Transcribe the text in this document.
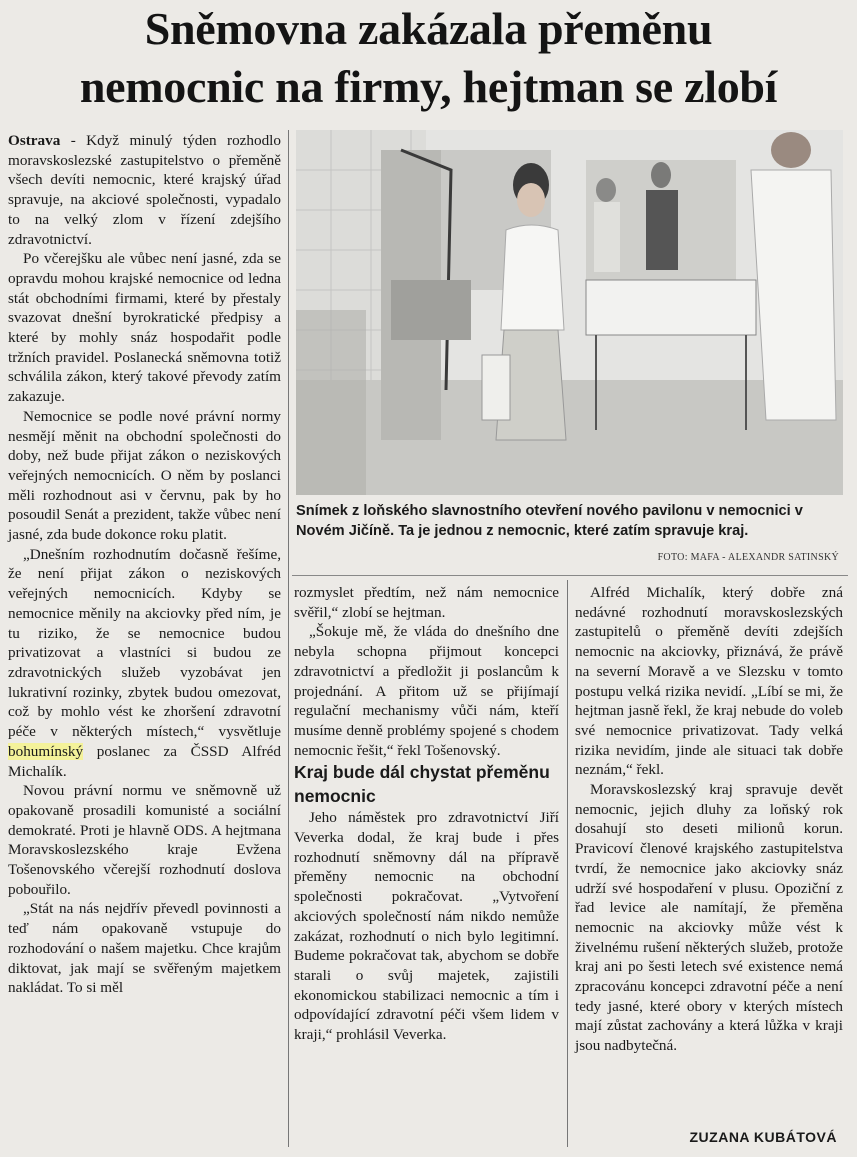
Sněmovna zakázala přeměnu
nemocnic na firmy, hejtman se zlobí

Ostrava - Když minulý týden rozhodlo moravskoslezské zastupitelstvo o přeměně všech devíti nemocnic, které krajský úřad spravuje, na akciové společnosti, vypadalo to na velký zlom v řízení zdejšího zdravotnictví.

Po včerejšku ale vůbec není jasné, zda se opravdu mohou krajské nemocnice od ledna stát obchodními firmami, které by přestaly svazovat dnešní byrokratické předpisy a které by mohly snáz hospodařit podle tržních pravidel. Poslanecká sněmovna totiž schválila zákon, který takové převody zatím zakazuje.

Nemocnice se podle nové právní normy nesmějí měnit na obchodní společnosti do doby, než bude přijat zákon o neziskových veřejných nemocnicích. O něm by poslanci měli rozhodnout asi v červnu, pak by ho posoudil Senát a prezident, takže vůbec není jasné, zda bude dokonce roku platit.

„Dnešním rozhodnutím dočasně řešíme, že není přijat zákon o neziskových veřejných nemocnicích. Kdyby se nemocnice měnily na akciovky před ním, je tu riziko, že se nemocnice budou privatizovat a vlastníci si budou ze zdravotnických služeb vyzobávat jen lukrativní rozinky, zbytek budou omezovat, což by mohlo vést ke zhoršení zdravotní péče v některých místech,“ vysvětluje bohumínský poslanec za ČSSD Alfréd Michalík.

Novou právní normu ve sněmovně už opakovaně prosadili komunisté a sociální demokraté. Proti je hlavně ODS. A hejtmana Moravskoslezského kraje Evžena Tošenovského včerejší rozhodnutí doslova pobouřilo.

„Stát na nás nejdřív převedl povinnosti a teď nám opakovaně vstupuje do rozhodování o našem majetku. Chce krajům diktovat, jak mají se svěřeným majetkem nakládat. To si měl

Snímek z loňského slavnostního otevření nového pavilonu v nemocnici v Novém Jičíně. Ta je jednou z nemocnic, které zatím spravuje kraj.
FOTO: MAFA - ALEXANDR SATINSKÝ

rozmyslet předtím, než nám nemocnice svěřil,“ zlobí se hejtman.

„Šokuje mě, že vláda do dnešního dne nebyla schopna přijmout koncepci zdravotnictví a předložit ji poslancům k projednání. A přitom už se přijímají regulační mechanismy vůči nám, kteří musíme denně problémy spojené s chodem nemocnic řešit,“ řekl Tošenovský.

Kraj bude dál chystat přeměnu nemocnic

Jeho náměstek pro zdravotnictví Jiří Veverka dodal, že kraj bude i přes rozhodnutí sněmovny dál na přípravě přeměny nemocnic na obchodní společnosti pokračovat. „Vytvoření akciových společností nám nikdo nemůže zakázat, rozhodnutí o nich bylo legitimní. Budeme pokračovat tak, abychom se dobře starali o svůj majetek, zajistili ekonomickou stabilizaci nemocnic a tím i odpovídající zdravotní péči všem lidem v kraji,“ prohlásil Veverka.

Alfréd Michalík, který dobře zná nedávné rozhodnutí moravskoslezských zastupitelů o přeměně devíti zdejších nemocnic na akciovky, přiznává, že právě na severní Moravě a ve Slezsku v tomto postupu velká rizika nevidí. „Líbí se mi, že hejtman jasně řekl, že kraj nebude do voleb své nemocnice privatizovat. Tady velká rizika nevidím, jinde ale situaci tak dobře neznám,“ řekl.

Moravskoslezský kraj spravuje devět nemocnic, jejich dluhy za loňský rok dosahují sto deseti milionů korun. Pravicoví členové krajského zastupitelstva tvrdí, že nemocnice jako akciovky snáz udrží své hospodaření v plusu. Opoziční z řad levice ale namítají, že přeměna nemocnic na akciovky může vést k živelnému rušení některých služeb, protože kraj ani po šesti letech své existence nemá zpracovánu koncepci zdravotní péče a není tedy jasné, které obory v kterých místech mají zůstat zachovány a která lůžka v kraji jsou nadbytečná.

ZUZANA KUBÁTOVÁ
